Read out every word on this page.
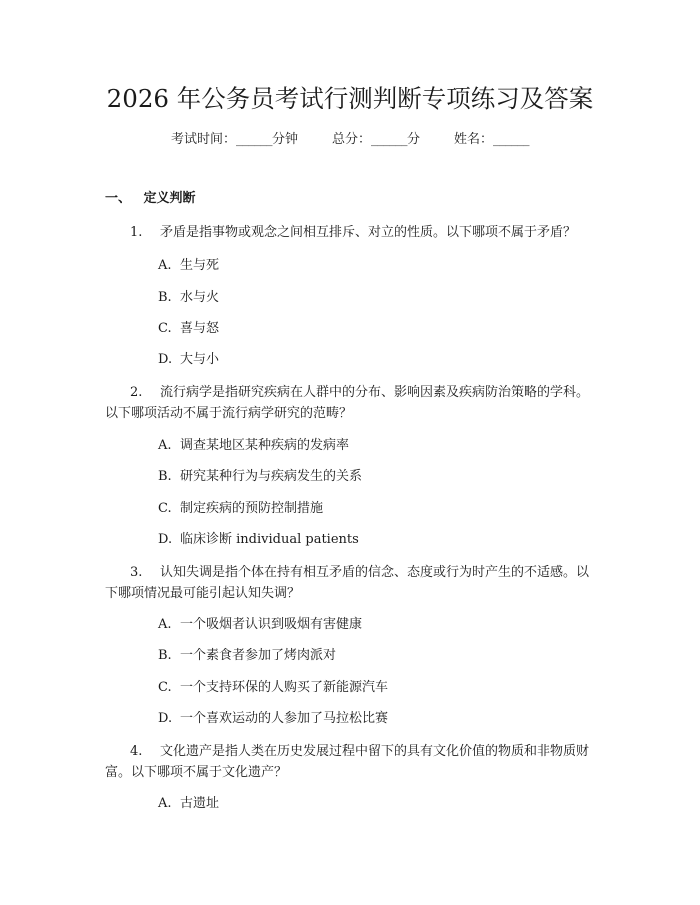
2026 年公务员考试行测判断专项练习及答案
考试时间： ______ 分钟	总分： ______ 分	姓名： ______
一、 定义判断
1. 矛盾是指事物或观念之间相互排斥、对立的性质。以下哪项不属于矛盾？
A. 生与死
B. 水与火
C. 喜与怒
D. 大与小
2. 流行病学是指研究疾病在人群中的分布、影响因素及疾病防治策略的学科。以下哪项活动不属于流行病学研究的范畴？
A. 调查某地区某种疾病的发病率
B. 研究某种行为与疾病发生的关系
C. 制定疾病的预防控制措施
D. 临床诊断 individual patients
3. 认知失调是指个体在持有相互矛盾的信念、态度或行为时产生的不适感。以下哪项情况最可能引起认知失调？
A. 一个吸烟者认识到吸烟有害健康
B. 一个素食者参加了烤肉派对
C. 一个支持环保的人购买了新能源汽车
D. 一个喜欢运动的人参加了马拉松比赛
4. 文化遗产是指人类在历史发展过程中留下的具有文化价值的物质和非物质财富。以下哪项不属于文化遗产？
A. 古遗址
